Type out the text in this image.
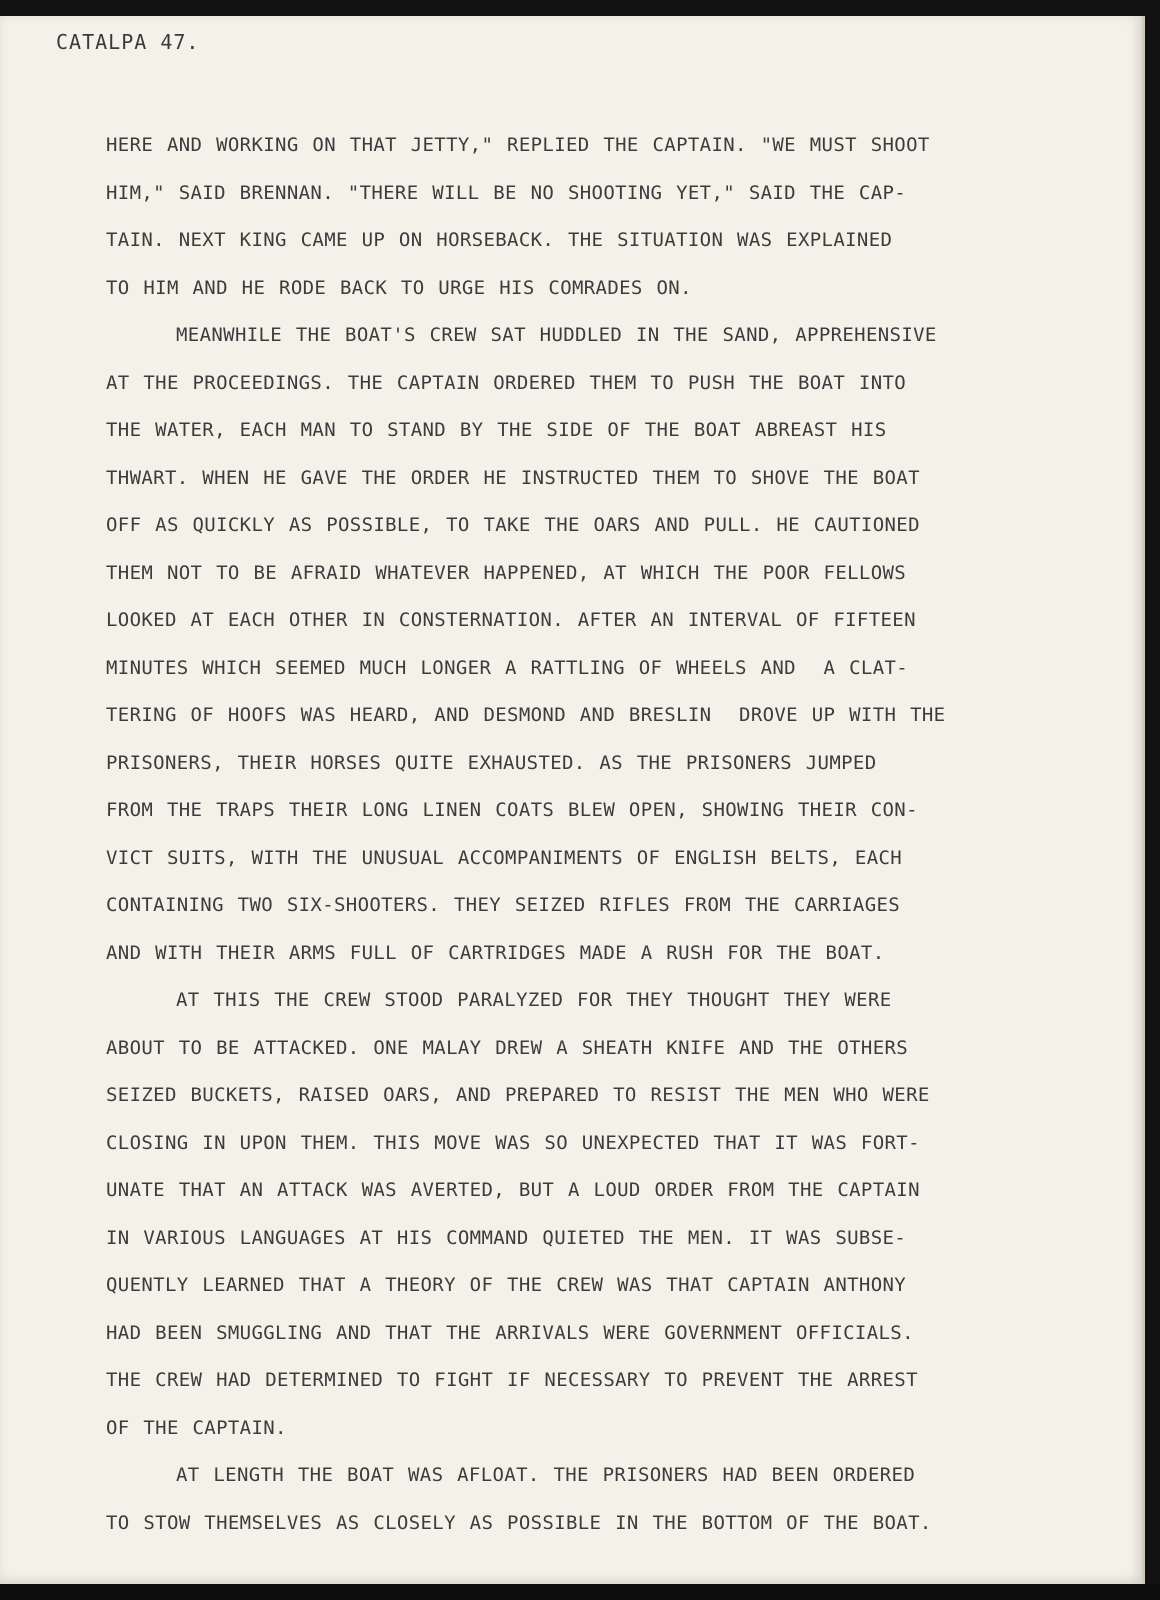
CATALPA 47.
HERE AND WORKING ON THAT JETTY," REPLIED THE CAPTAIN. "WE MUST SHOOT
HIM," SAID BRENNAN. "THERE WILL BE NO SHOOTING YET," SAID THE CAP-
TAIN. NEXT KING CAME UP ON HORSEBACK. THE SITUATION WAS EXPLAINED
TO HIM AND HE RODE BACK TO URGE HIS COMRADES ON.
MEANWHILE THE BOAT'S CREW SAT HUDDLED IN THE SAND, APPREHENSIVE
AT THE PROCEEDINGS. THE CAPTAIN ORDERED THEM TO PUSH THE BOAT INTO
THE WATER, EACH MAN TO STAND BY THE SIDE OF THE BOAT ABREAST HIS
THWART. WHEN HE GAVE THE ORDER HE INSTRUCTED THEM TO SHOVE THE BOAT
OFF AS QUICKLY AS POSSIBLE, TO TAKE THE OARS AND PULL. HE CAUTIONED
THEM NOT TO BE AFRAID WHATEVER HAPPENED, AT WHICH THE POOR FELLOWS
LOOKED AT EACH OTHER IN CONSTERNATION. AFTER AN INTERVAL OF FIFTEEN
MINUTES WHICH SEEMED MUCH LONGER A RATTLING OF WHEELS AND  A CLAT-
TERING OF HOOFS WAS HEARD, AND DESMOND AND BRESLIN  DROVE UP WITH THE
PRISONERS, THEIR HORSES QUITE EXHAUSTED. AS THE PRISONERS JUMPED
FROM THE TRAPS THEIR LONG LINEN COATS BLEW OPEN, SHOWING THEIR CON-
VICT SUITS, WITH THE UNUSUAL ACCOMPANIMENTS OF ENGLISH BELTS, EACH
CONTAINING TWO SIX-SHOOTERS. THEY SEIZED RIFLES FROM THE CARRIAGES
AND WITH THEIR ARMS FULL OF CARTRIDGES MADE A RUSH FOR THE BOAT.
AT THIS THE CREW STOOD PARALYZED FOR THEY THOUGHT THEY WERE
ABOUT TO BE ATTACKED. ONE MALAY DREW A SHEATH KNIFE AND THE OTHERS
SEIZED BUCKETS, RAISED OARS, AND PREPARED TO RESIST THE MEN WHO WERE
CLOSING IN UPON THEM. THIS MOVE WAS SO UNEXPECTED THAT IT WAS FORT-
UNATE THAT AN ATTACK WAS AVERTED, BUT A LOUD ORDER FROM THE CAPTAIN
IN VARIOUS LANGUAGES AT HIS COMMAND QUIETED THE MEN. IT WAS SUBSE-
QUENTLY LEARNED THAT A THEORY OF THE CREW WAS THAT CAPTAIN ANTHONY
HAD BEEN SMUGGLING AND THAT THE ARRIVALS WERE GOVERNMENT OFFICIALS.
THE CREW HAD DETERMINED TO FIGHT IF NECESSARY TO PREVENT THE ARREST
OF THE CAPTAIN.
AT LENGTH THE BOAT WAS AFLOAT. THE PRISONERS HAD BEEN ORDERED
TO STOW THEMSELVES AS CLOSELY AS POSSIBLE IN THE BOTTOM OF THE BOAT.
